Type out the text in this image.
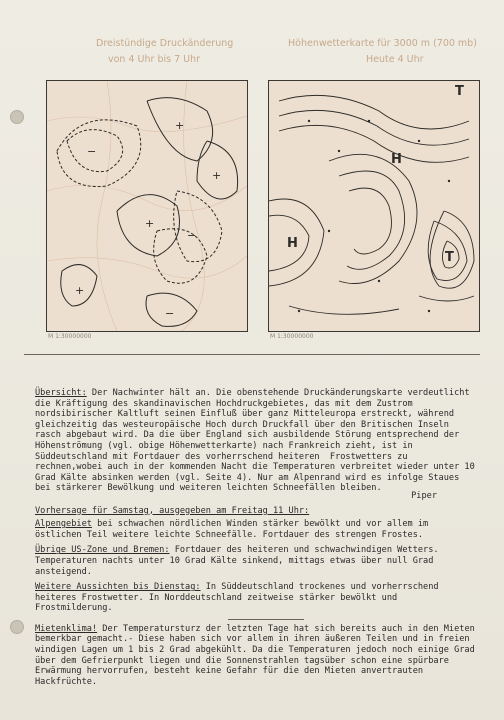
Dreistündige Druckänderung
von 4 Uhr bis 7 Uhr
Höhenwetterkarte für 3000 m (700 mb)
Heute 4 Uhr
−
+
+
−
+
−
+
M 1:30000000
H
H
T
T
M 1:30000000

Übersicht: Der Nachwinter hält an. Die obenstehende Druckänderungskarte verdeutlicht die Kräftigung des skandinavischen Hochdruckgebietes, das mit dem Zustrom nordsibirischer Kaltluft seinen Einfluß über ganz Mitteleuropa erstreckt, während gleichzeitig das westeuropäische Hoch durch Druckfall über den Britischen Inseln rasch abgebaut wird. Da die über England sich ausbildende Störung entsprechend der Höhenströmung (vgl. obige Höhenwetterkarte) nach Frankreich zieht, ist in Süddeutschland mit Fortdauer des vorherrschend heiteren  Frostwetters zu rechnen,wobei auch in der kommenden Nacht die Temperaturen verbreitet wieder unter 10 Grad Kälte absinken werden (vgl. Seite 4). Nur am Alpenrand wird es infolge Staues bei stärkerer Bewölkung und weiteren leichten Schneefällen bleiben.

Piper

Vorhersage für Samstag, ausgegeben am Freitag 11 Uhr:

Alpengebiet bei schwachen nördlichen Winden stärker bewölkt und vor allem im östlichen Teil weitere leichte Schneefälle. Fortdauer des strengen Frostes.

Übrige US-Zone und Bremen: Fortdauer des heiteren und schwachwindigen Wetters. Temperaturen nachts unter 10 Grad Kälte sinkend, mittags etwas über null Grad ansteigend.

Weitere Aussichten bis Dienstag: In Süddeutschland trockenes und vorherrschend heiteres Frostwetter. In Norddeutschland zeitweise stärker bewölkt und Frostmilderung.

Mietenklima! Der Temperatursturz der letzten Tage hat sich bereits auch in den Mieten bemerkbar gemacht.- Diese haben sich vor allem in ihren äußeren Teilen und in freien windigen Lagen um 1 bis 2 Grad abgekühlt. Da die Temperaturen jedoch noch einige Grad über dem Gefrierpunkt liegen und die Sonnenstrahlen tagsüber schon eine spürbare Erwärmung hervorrufen, besteht keine Gefahr für die den Mieten anvertrauten Hackfrüchte.
